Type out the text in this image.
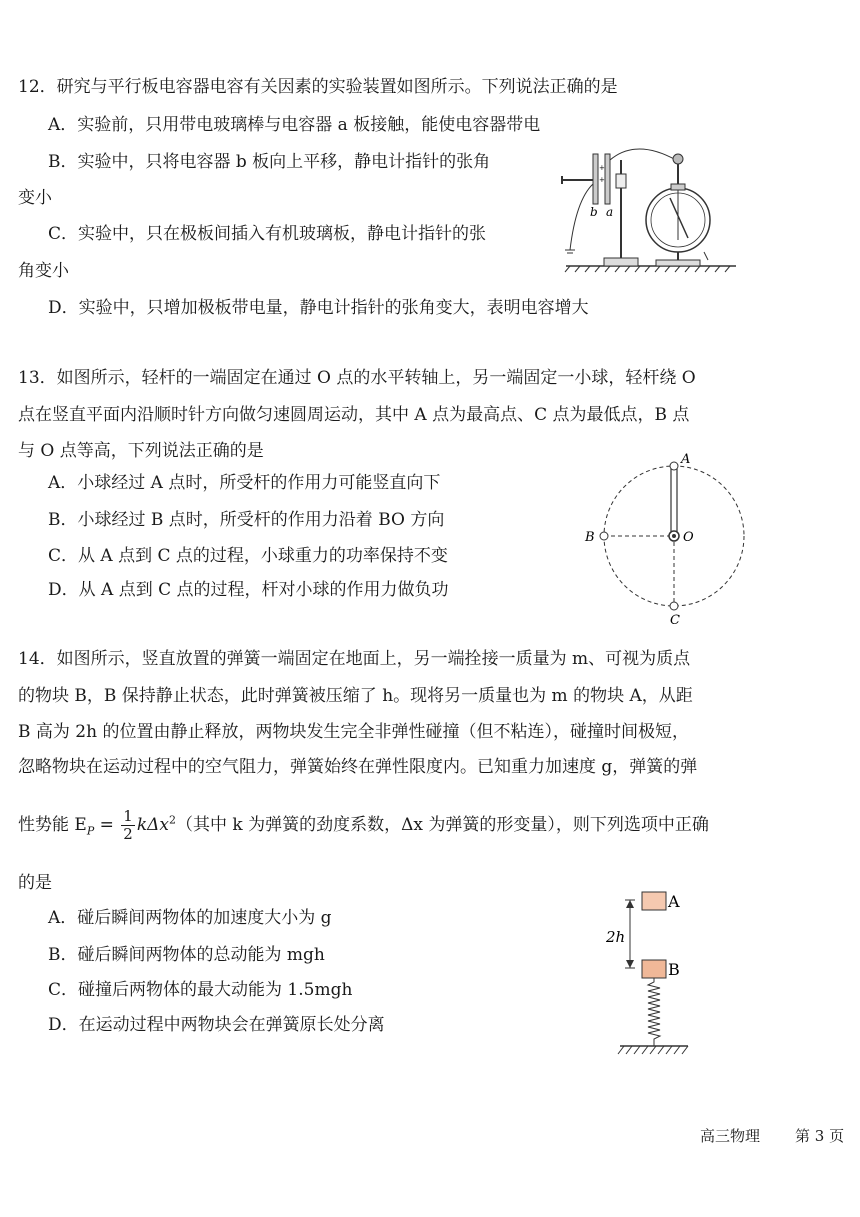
12．研究与平行板电容器电容有关因素的实验装置如图所示。下列说法正确的是
A．实验前，只用带电玻璃棒与电容器 a 板接触，能使电容器带电
B．实验中，只将电容器 b 板向上平移，静电计指针的张角
变小
C．实验中，只在极板间插入有机玻璃板，静电计指针的张
角变小
D．实验中，只增加极板带电量，静电计指针的张角变大，表明电容增大
+
+
b a
13．如图所示，轻杆的一端固定在通过 O 点的水平转轴上，另一端固定一小球，轻杆绕 O
点在竖直平面内沿顺时针方向做匀速圆周运动，其中 A 点为最高点、C 点为最低点，B 点
与 O 点等高，下列说法正确的是
A．小球经过 A 点时，所受杆的作用力可能竖直向下
B．小球经过 B 点时，所受杆的作用力沿着 BO 方向
C．从 A 点到 C 点的过程，小球重力的功率保持不变
D．从 A 点到 C 点的过程，杆对小球的作用力做负功
A
O
B
C
14．如图所示，竖直放置的弹簧一端固定在地面上，另一端拴接一质量为 m、可视为质点
的物块 B，B 保持静止状态，此时弹簧被压缩了 h。现将另一质量也为 m 的物块 A，从距
B 高为 2h 的位置由静止释放，两物块发生完全非弹性碰撞（但不粘连），碰撞时间极短，
忽略物块在运动过程中的空气阻力，弹簧始终在弹性限度内。已知重力加速度 g，弹簧的弹
性势能 $E_P = \frac{1}{2} k\Delta x^2$（其中 k 为弹簧的劲度系数，Δx 为弹簧的形变量），则下列选项中正确
的是
A．碰后瞬间两物体的加速度大小为 g
B．碰后瞬间两物体的总动能为 mgh
C．碰撞后两物体的最大动能为 1.5mgh
D．在运动过程中两物块会在弹簧原长处分离
A
B
2h
高三物理 第 3 页
